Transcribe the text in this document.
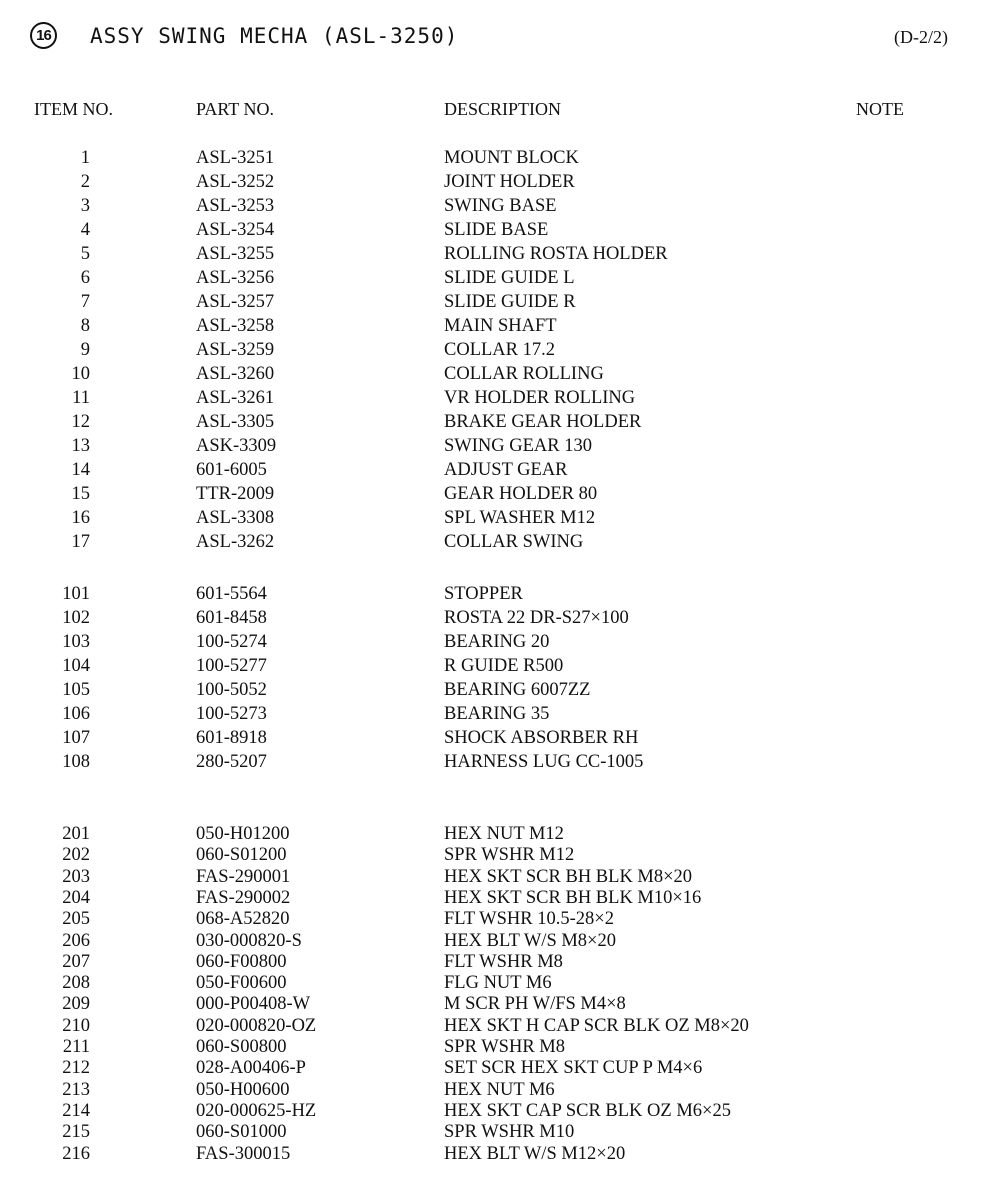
16 ASSY SWING MECHA (ASL-3250)	(D-2/2)
ITEM NO.	PART NO.	DESCRIPTION	NOTE
1	ASL-3251	MOUNT BLOCK
2	ASL-3252	JOINT HOLDER
3	ASL-3253	SWING BASE
4	ASL-3254	SLIDE BASE
5	ASL-3255	ROLLING ROSTA HOLDER
6	ASL-3256	SLIDE GUIDE L
7	ASL-3257	SLIDE GUIDE R
8	ASL-3258	MAIN SHAFT
9	ASL-3259	COLLAR 17.2
10	ASL-3260	COLLAR ROLLING
11	ASL-3261	VR HOLDER ROLLING
12	ASL-3305	BRAKE GEAR HOLDER
13	ASK-3309	SWING GEAR 130
14	601-6005	ADJUST GEAR
15	TTR-2009	GEAR HOLDER 80
16	ASL-3308	SPL WASHER M12
17	ASL-3262	COLLAR SWING
101	601-5564	STOPPER
102	601-8458	ROSTA 22 DR-S27×100
103	100-5274	BEARING 20
104	100-5277	R GUIDE R500
105	100-5052	BEARING 6007ZZ
106	100-5273	BEARING 35
107	601-8918	SHOCK ABSORBER RH
108	280-5207	HARNESS LUG CC-1005
201	050-H01200	HEX NUT M12
202	060-S01200	SPR WSHR M12
203	FAS-290001	HEX SKT SCR BH BLK M8×20
204	FAS-290002	HEX SKT SCR BH BLK M10×16
205	068-A52820	FLT WSHR 10.5-28×2
206	030-000820-S	HEX BLT W/S M8×20
207	060-F00800	FLT WSHR M8
208	050-F00600	FLG NUT M6
209	000-P00408-W	M SCR PH W/FS M4×8
210	020-000820-OZ	HEX SKT H CAP SCR BLK OZ M8×20
211	060-S00800	SPR WSHR M8
212	028-A00406-P	SET SCR HEX SKT CUP P M4×6
213	050-H00600	HEX NUT M6
214	020-000625-HZ	HEX SKT CAP SCR BLK OZ M6×25
215	060-S01000	SPR WSHR M10
216	FAS-300015	HEX BLT W/S M12×20
